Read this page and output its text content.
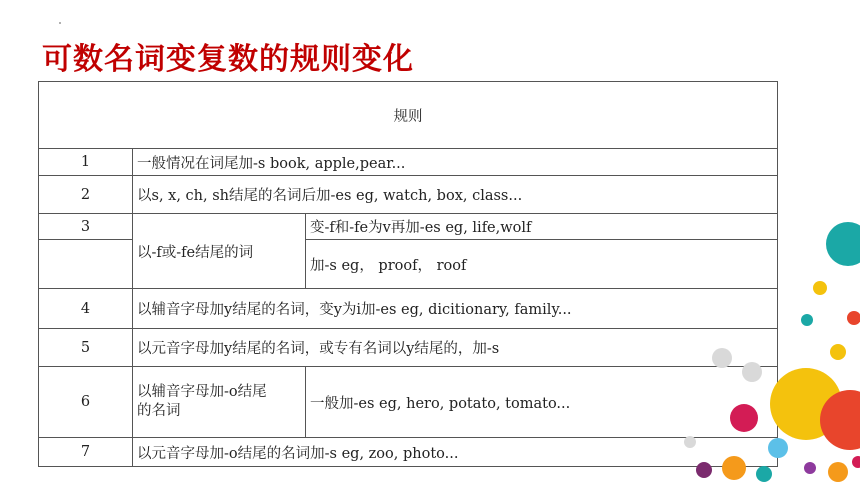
可数名词变复数的规则变化
规则		
1	一般情况在词尾加-s book, apple,pear...	
2	以s, x, ch, sh结尾的名词后加-es eg, watch, box, class...	
3	以-f或-fe结尾的词	变-f和-fe为v再加-es eg, life,wolf
		加-s eg， proof， roof
4	以辅音字母加y结尾的名词，变y为i加-es eg, dicitionary, family...	
5	以元音字母加y结尾的名词，或专有名词以y结尾的，加-s	
6	以辅音字母加-o结尾
的名词	一般加-es eg, hero, potato, tomato...
7	以元音字母加-o结尾的名词加-s eg, zoo, photo...	
